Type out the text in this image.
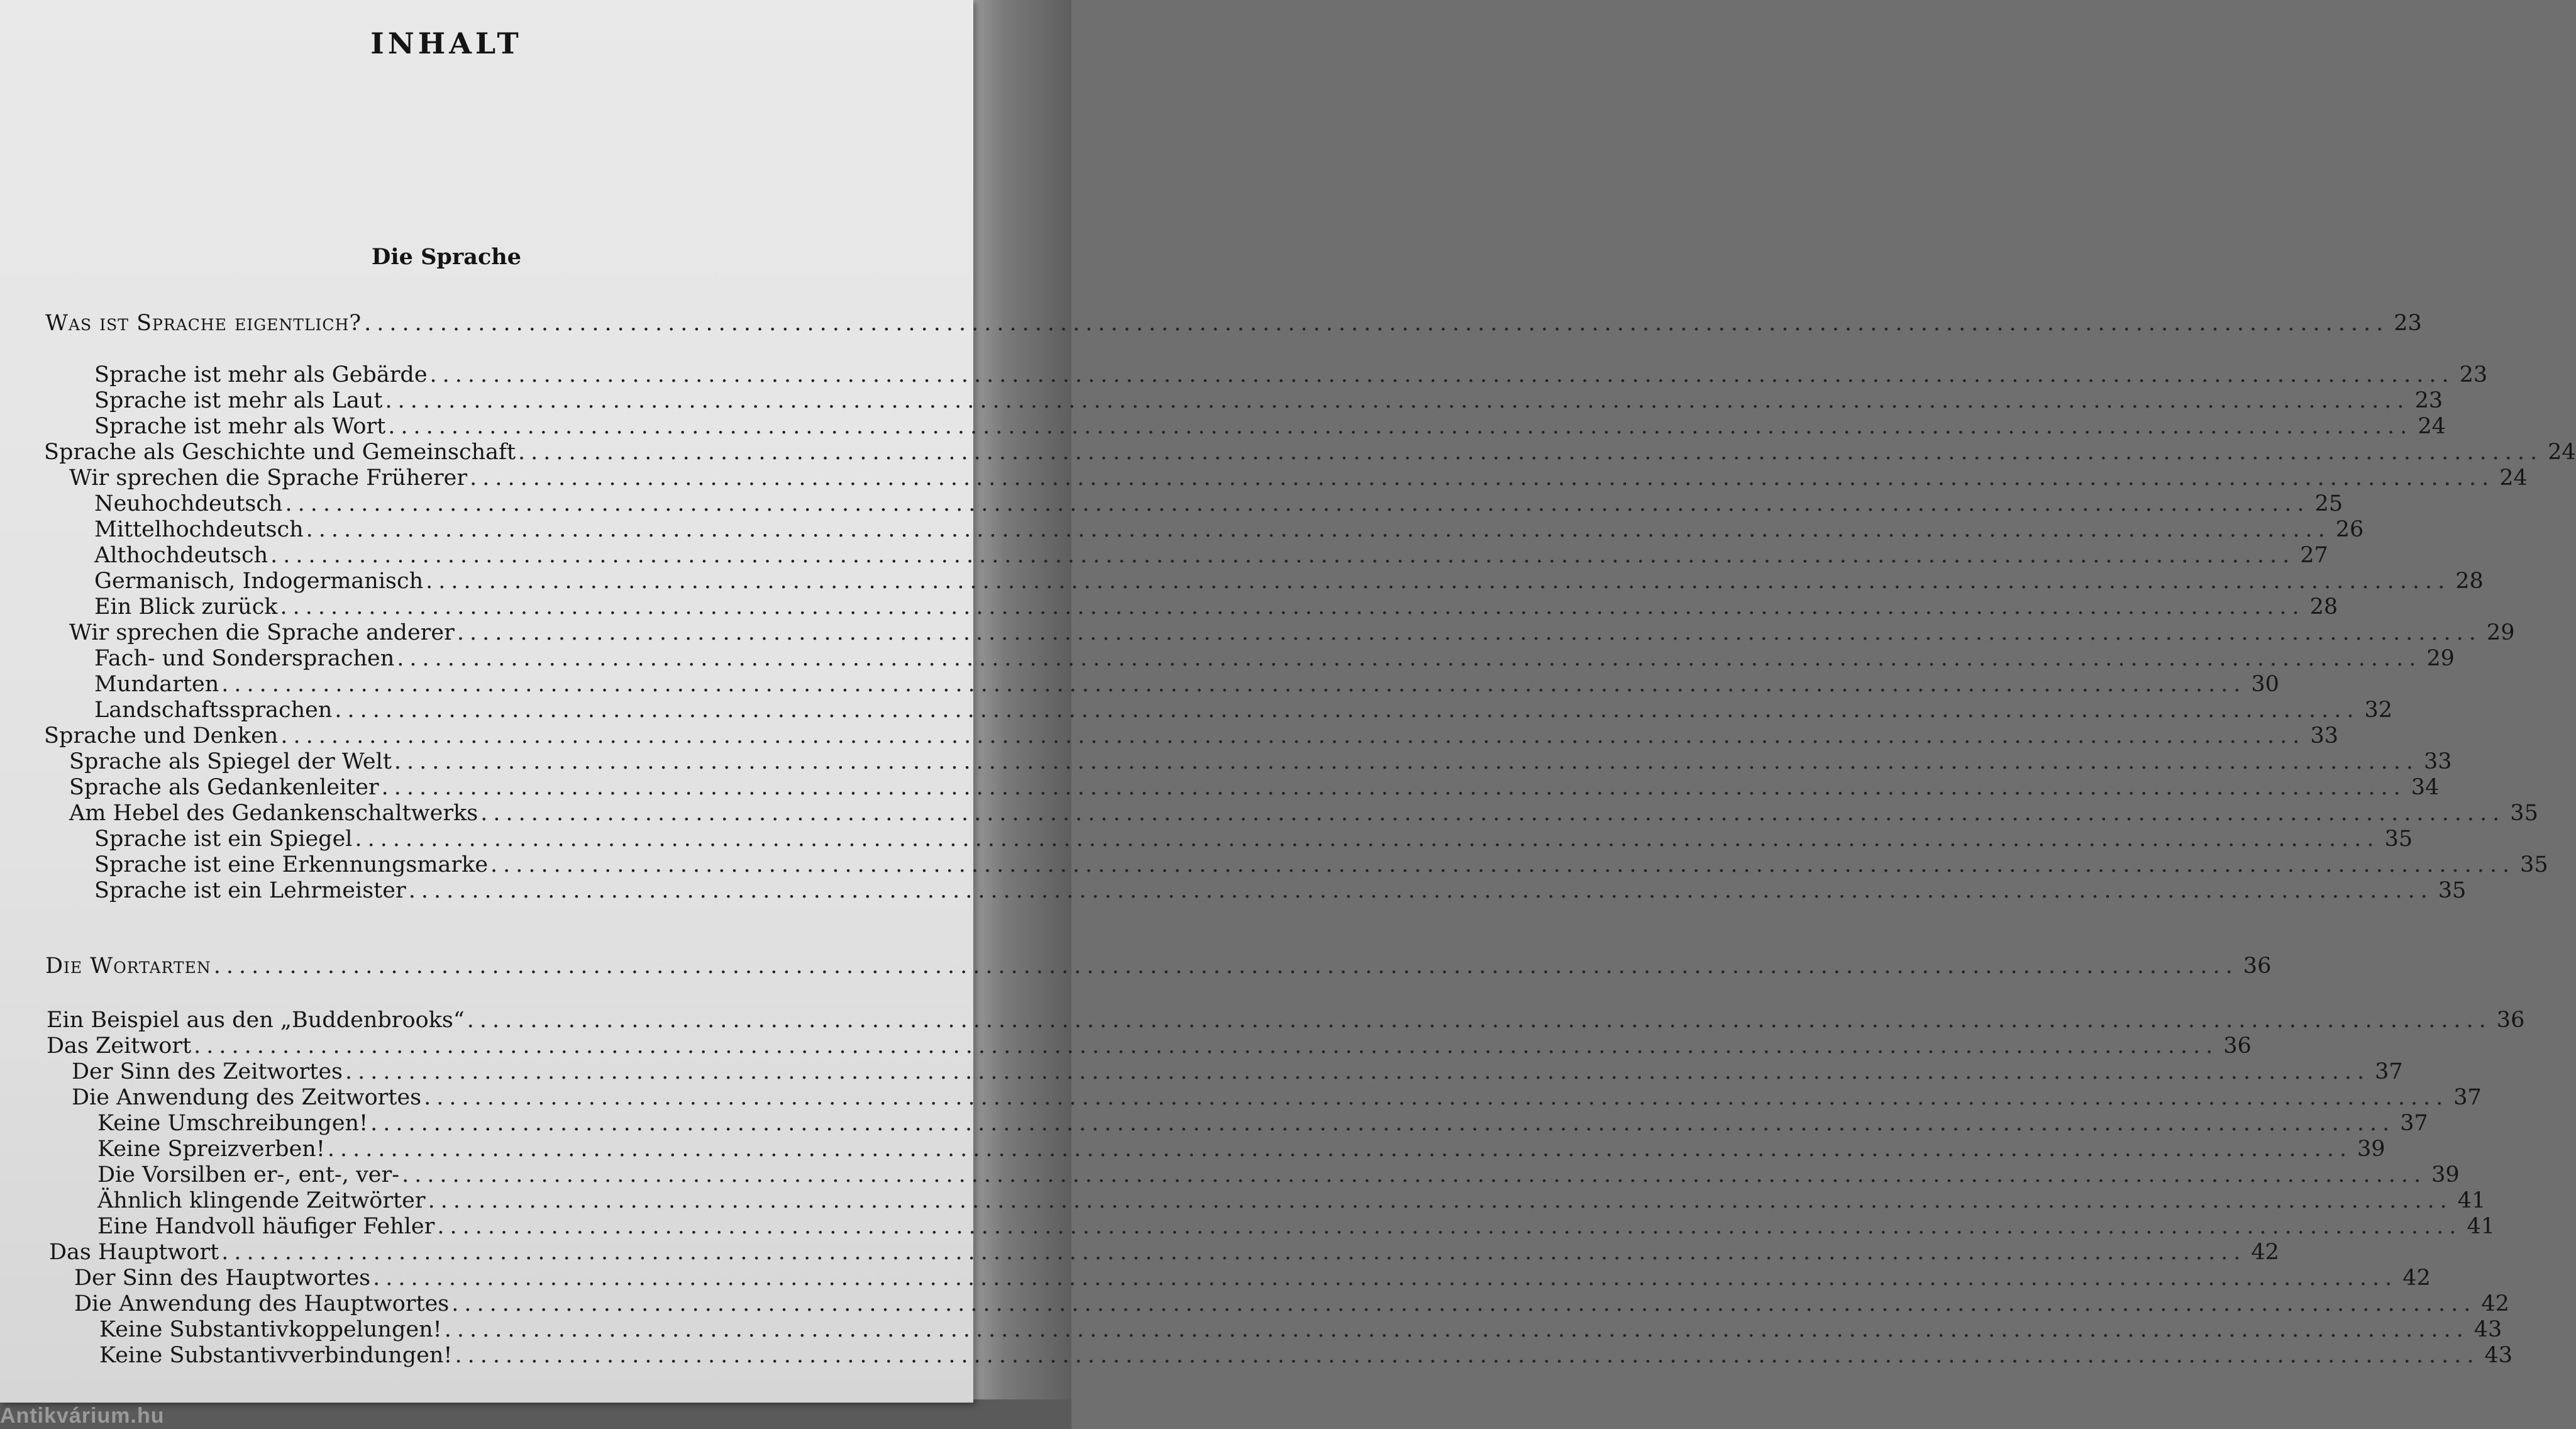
INHALT
Die Sprache
Was ist Sprache eigentlich? ................................................................................................................................................................ 23
Sprache ist mehr als Gebärde ................................................................................................................................................................ 23
Sprache ist mehr als Laut ................................................................................................................................................................ 23
Sprache ist mehr als Wort ................................................................................................................................................................ 24
Sprache als Geschichte und Gemeinschaft ................................................................................................................................................................ 24
Wir sprechen die Sprache Früherer ................................................................................................................................................................ 24
Neuhochdeutsch ................................................................................................................................................................ 25
Mittelhochdeutsch ................................................................................................................................................................ 26
Althochdeutsch ................................................................................................................................................................ 27
Germanisch, Indogermanisch ................................................................................................................................................................ 28
Ein Blick zurück ................................................................................................................................................................ 28
Wir sprechen die Sprache anderer ................................................................................................................................................................ 29
Fach- und Sondersprachen ................................................................................................................................................................ 29
Mundarten ................................................................................................................................................................ 30
Landschaftssprachen ................................................................................................................................................................ 32
Sprache und Denken ................................................................................................................................................................ 33
Sprache als Spiegel der Welt ................................................................................................................................................................ 33
Sprache als Gedankenleiter ................................................................................................................................................................ 34
Am Hebel des Gedankenschaltwerks ................................................................................................................................................................ 35
Sprache ist ein Spiegel ................................................................................................................................................................ 35
Sprache ist eine Erkennungsmarke ................................................................................................................................................................ 35
Sprache ist ein Lehrmeister ................................................................................................................................................................ 35
Die Wortarten ................................................................................................................................................................ 36
Ein Beispiel aus den „Buddenbrooks“ ................................................................................................................................................................ 36
Das Zeitwort ................................................................................................................................................................ 36
Der Sinn des Zeitwortes ................................................................................................................................................................ 37
Die Anwendung des Zeitwortes ................................................................................................................................................................ 37
Keine Umschreibungen! ................................................................................................................................................................ 37
Keine Spreizverben! ................................................................................................................................................................ 39
Die Vorsilben er-, ent-, ver- ................................................................................................................................................................ 39
Ähnlich klingende Zeitwörter ................................................................................................................................................................ 41
Eine Handvoll häufiger Fehler ................................................................................................................................................................ 41
Das Hauptwort ................................................................................................................................................................ 42
Der Sinn des Hauptwortes ................................................................................................................................................................ 42
Die Anwendung des Hauptwortes ................................................................................................................................................................ 42
Keine Substantivkoppelungen! ................................................................................................................................................................ 43
Keine Substantivverbindungen! ................................................................................................................................................................ 43
Antikvárium.hu
